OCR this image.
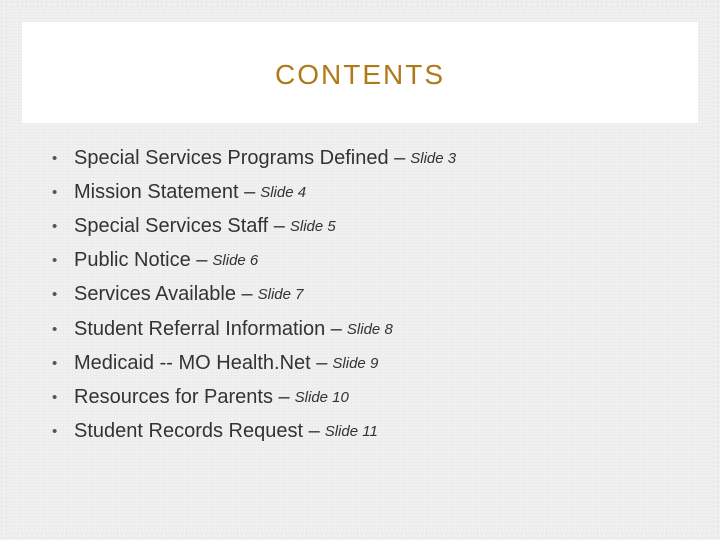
CONTENTS
• Special Services Programs Defined – Slide 3
• Mission Statement – Slide 4
• Special Services Staff – Slide 5
• Public Notice – Slide 6
• Services Available – Slide 7
• Student Referral Information – Slide 8
• Medicaid -- MO Health.Net – Slide 9
• Resources for Parents – Slide 10
• Student Records Request – Slide 11
